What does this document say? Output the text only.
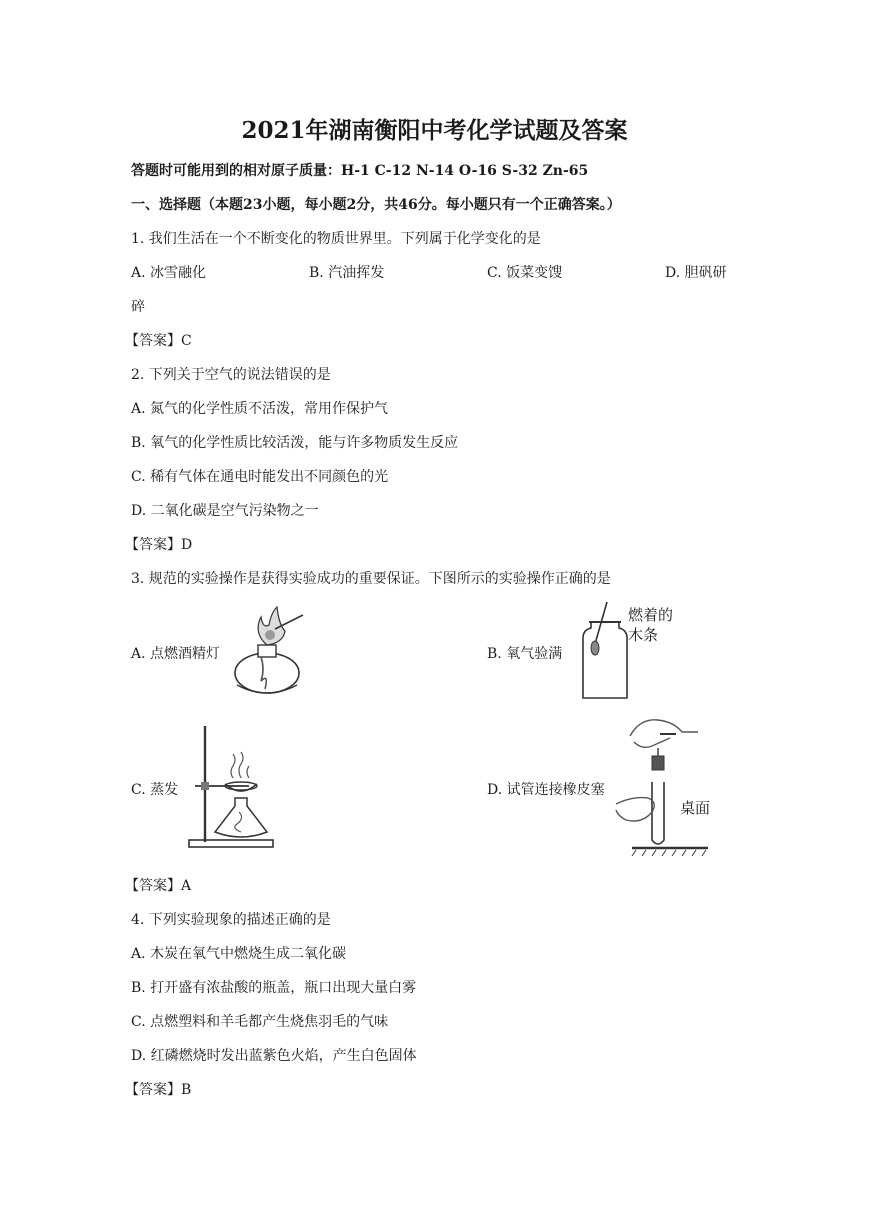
2021年湖南衡阳中考化学试题及答案
答题时可能用到的相对原子质量：H-1 C-12 N-14 O-16 S-32 Zn-65
一、选择题（本题23小题，每小题2分，共46分。每小题只有一个正确答案。）
1. 我们生活在一个不断变化的物质世界里。下列属于化学变化的是
A. 冰雪融化	B. 汽油挥发	C. 饭菜变馊	D. 胆矾研
碎
【答案】C
2. 下列关于空气的说法错误的是
A. 氮气的化学性质不活泼，常用作保护气
B. 氧气的化学性质比较活泼，能与许多物质发生反应
C. 稀有气体在通电时能发出不同颜色的光
D. 二氧化碳是空气污染物之一
【答案】D
3. 规范的实验操作是获得实验成功的重要保证。下图所示的实验操作正确的是
A. 点燃酒精灯	B. 氧气验满
燃着的
木条
C. 蒸发	D. 试管连接橡皮塞
桌面
【答案】A
4. 下列实验现象的描述正确的是
A. 木炭在氧气中燃烧生成二氧化碳
B. 打开盛有浓盐酸的瓶盖，瓶口出现大量白雾
C. 点燃塑料和羊毛都产生烧焦羽毛的气味
D. 红磷燃烧时发出蓝紫色火焰，产生白色固体
【答案】B
